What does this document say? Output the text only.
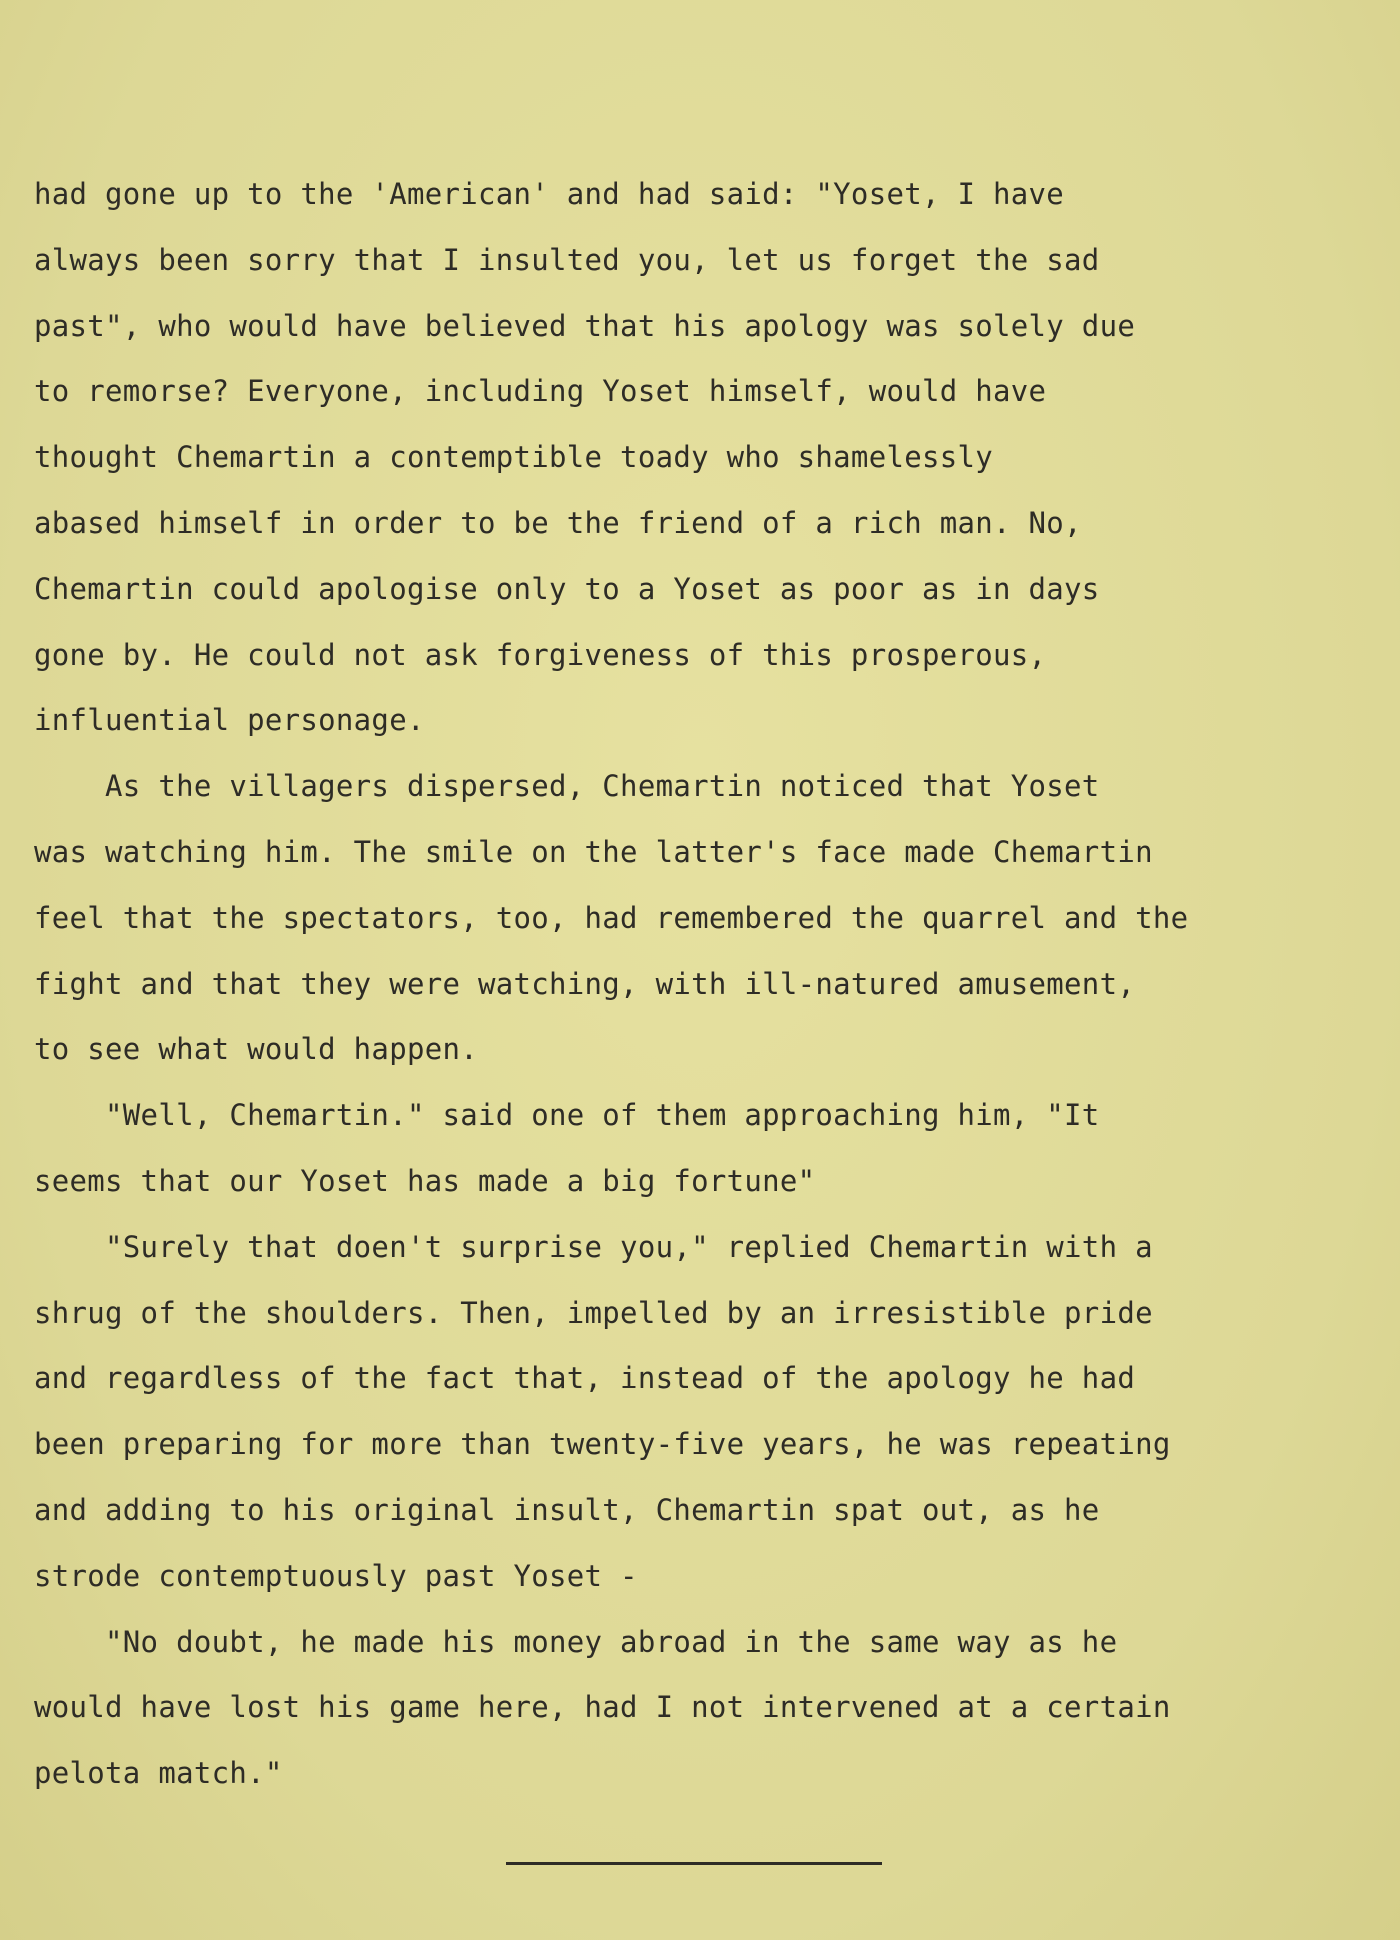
had gone up to the 'American' and had said: "Yoset, I have
always been sorry that I insulted you, let us forget the sad
past", who would have believed that his apology was solely due
to remorse? Everyone, including Yoset himself, would have
thought Chemartin a contemptible toady who shamelessly
abased himself in order to be the friend of a rich man. No,
Chemartin could apologise only to a Yoset as poor as in days
gone by. He could not ask forgiveness of this prosperous,
influential personage.
As the villagers dispersed, Chemartin noticed that Yoset
was watching him. The smile on the latter's face made Chemartin
feel that the spectators, too, had remembered the quarrel and the
fight and that they were watching, with ill-natured amusement,
to see what would happen.
"Well, Chemartin." said one of them approaching him, "It
seems that our Yoset has made a big fortune"
"Surely that doen't surprise you," replied Chemartin with a
shrug of the shoulders. Then, impelled by an irresistible pride
and regardless of the fact that, instead of the apology he had
been preparing for more than twenty-five years, he was repeating
and adding to his original insult, Chemartin spat out, as he
strode contemptuously past Yoset -
"No doubt, he made his money abroad in the same way as he
would have lost his game here, had I not intervened at a certain
pelota match."
